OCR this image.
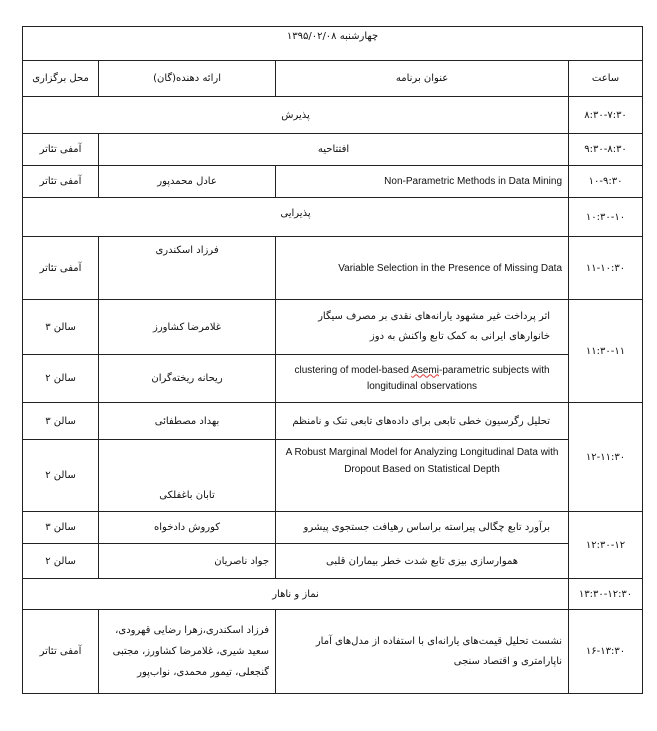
چهارشنبه ۱۳۹۵/۰۲/۰۸			
ساعت	عنوان برنامه	ارائه دهنده(گان)	محل برگزاری
۸:۳۰-۷:۳۰	پذیرش		
۹:۳۰-۸:۳۰	افتتاحیه		آمفی تئاتر
۱۰-۹:۳۰	Non-Parametric Methods in Data Mining	عادل محمدپور	آمفی تئاتر
۱۰:۳۰-۱۰	پذیرایی		
۱۱-۱۰:۳۰	Variable Selection in the Presence of Missing Data	فرزاد اسکندری	آمفی تئاتر
۱۱:۳۰-۱۱	اثر پرداخت غیر مشهود یارانه‌های نقدی بر مصرف سیگار خانوارهای ایرانی به کمک تابع واکنش به دوز	غلامرضا کشاورز	سالن ۳
	clustering of model-based Asemi-parametric subjects with longitudinal observations	ریحانه ریخته‌گران	سالن ۲
۱۲-۱۱:۳۰	تحلیل رگرسیون خطی تابعی برای داده‌های تابعی تنک و نامنظم	بهداد مصطفائی	سالن ۳
	A Robust Marginal Model for Analyzing Longitudinal Data with Dropout Based on Statistical Depth	تابان باغفلکی	سالن ۲
۱۲:۳۰-۱۲	برآورد تابع چگالی پیراسته براساس رهیافت جستجوی پیشرو	کوروش دادخواه	سالن ۳
	هموارسازی بیزی تابع شدت خطر بیماران قلبی	جواد ناصریان	سالن ۲
۱۳:۳۰-۱۲:۳۰	نماز و ناهار		
۱۶-۱۳:۳۰	نشست تحلیل قیمت‌های یارانه‌ای با استفاده از مدل‌های آمار ناپارامتری و اقتصاد سنجی	فرزاد اسکندری،زهرا رضایی قهرودی، سعید شیری، غلامرضا کشاورز، مجتبی گنجعلی، تیمور محمدی، نواب‌پور	آمفی تئاتر
